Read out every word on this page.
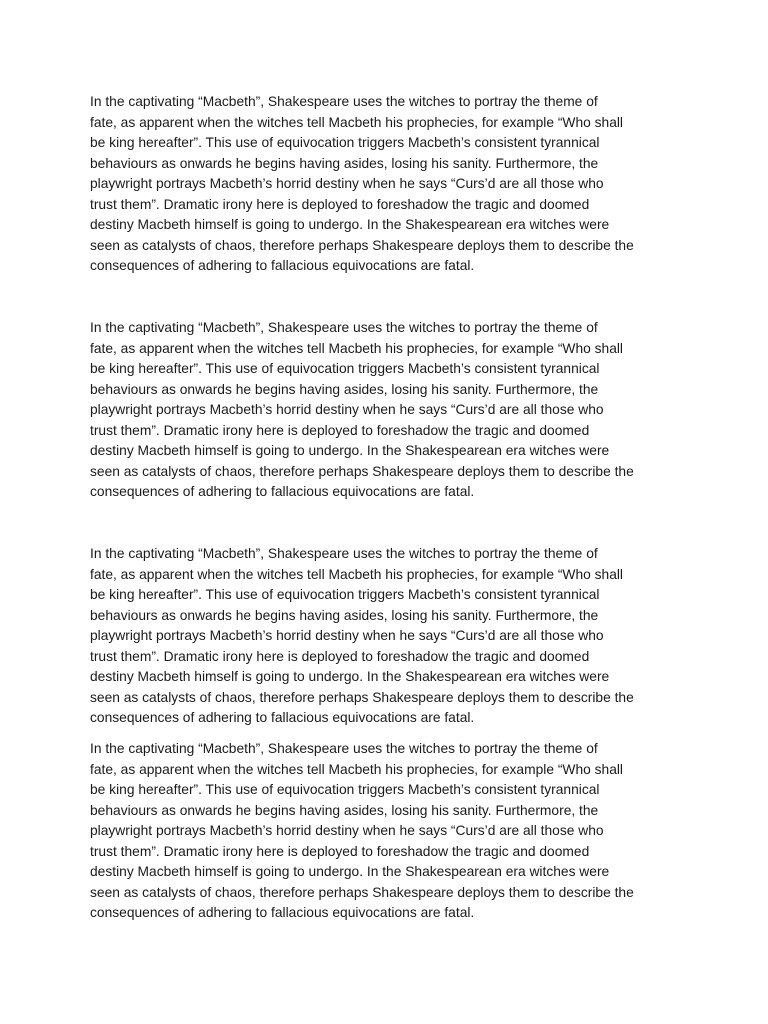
In the captivating “Macbeth”, Shakespeare uses the witches to portray the theme of
fate, as apparent when the witches tell Macbeth his prophecies, for example “Who shall
be king hereafter”. This use of equivocation triggers Macbeth’s consistent tyrannical
behaviours as onwards he begins having asides, losing his sanity. Furthermore, the
playwright portrays Macbeth’s horrid destiny when he says “Curs’d are all those who
trust them”. Dramatic irony here is deployed to foreshadow the tragic and doomed
destiny Macbeth himself is going to undergo. In the Shakespearean era witches were
seen as catalysts of chaos, therefore perhaps Shakespeare deploys them to describe the
consequences of adhering to fallacious equivocations are fatal.

In the captivating “Macbeth”, Shakespeare uses the witches to portray the theme of
fate, as apparent when the witches tell Macbeth his prophecies, for example “Who shall
be king hereafter”. This use of equivocation triggers Macbeth’s consistent tyrannical
behaviours as onwards he begins having asides, losing his sanity. Furthermore, the
playwright portrays Macbeth’s horrid destiny when he says “Curs’d are all those who
trust them”. Dramatic irony here is deployed to foreshadow the tragic and doomed
destiny Macbeth himself is going to undergo. In the Shakespearean era witches were
seen as catalysts of chaos, therefore perhaps Shakespeare deploys them to describe the
consequences of adhering to fallacious equivocations are fatal.

In the captivating “Macbeth”, Shakespeare uses the witches to portray the theme of
fate, as apparent when the witches tell Macbeth his prophecies, for example “Who shall
be king hereafter”. This use of equivocation triggers Macbeth’s consistent tyrannical
behaviours as onwards he begins having asides, losing his sanity. Furthermore, the
playwright portrays Macbeth’s horrid destiny when he says “Curs’d are all those who
trust them”. Dramatic irony here is deployed to foreshadow the tragic and doomed
destiny Macbeth himself is going to undergo. In the Shakespearean era witches were
seen as catalysts of chaos, therefore perhaps Shakespeare deploys them to describe the
consequences of adhering to fallacious equivocations are fatal.

In the captivating “Macbeth”, Shakespeare uses the witches to portray the theme of
fate, as apparent when the witches tell Macbeth his prophecies, for example “Who shall
be king hereafter”. This use of equivocation triggers Macbeth’s consistent tyrannical
behaviours as onwards he begins having asides, losing his sanity. Furthermore, the
playwright portrays Macbeth’s horrid destiny when he says “Curs’d are all those who
trust them”. Dramatic irony here is deployed to foreshadow the tragic and doomed
destiny Macbeth himself is going to undergo. In the Shakespearean era witches were
seen as catalysts of chaos, therefore perhaps Shakespeare deploys them to describe the
consequences of adhering to fallacious equivocations are fatal.
